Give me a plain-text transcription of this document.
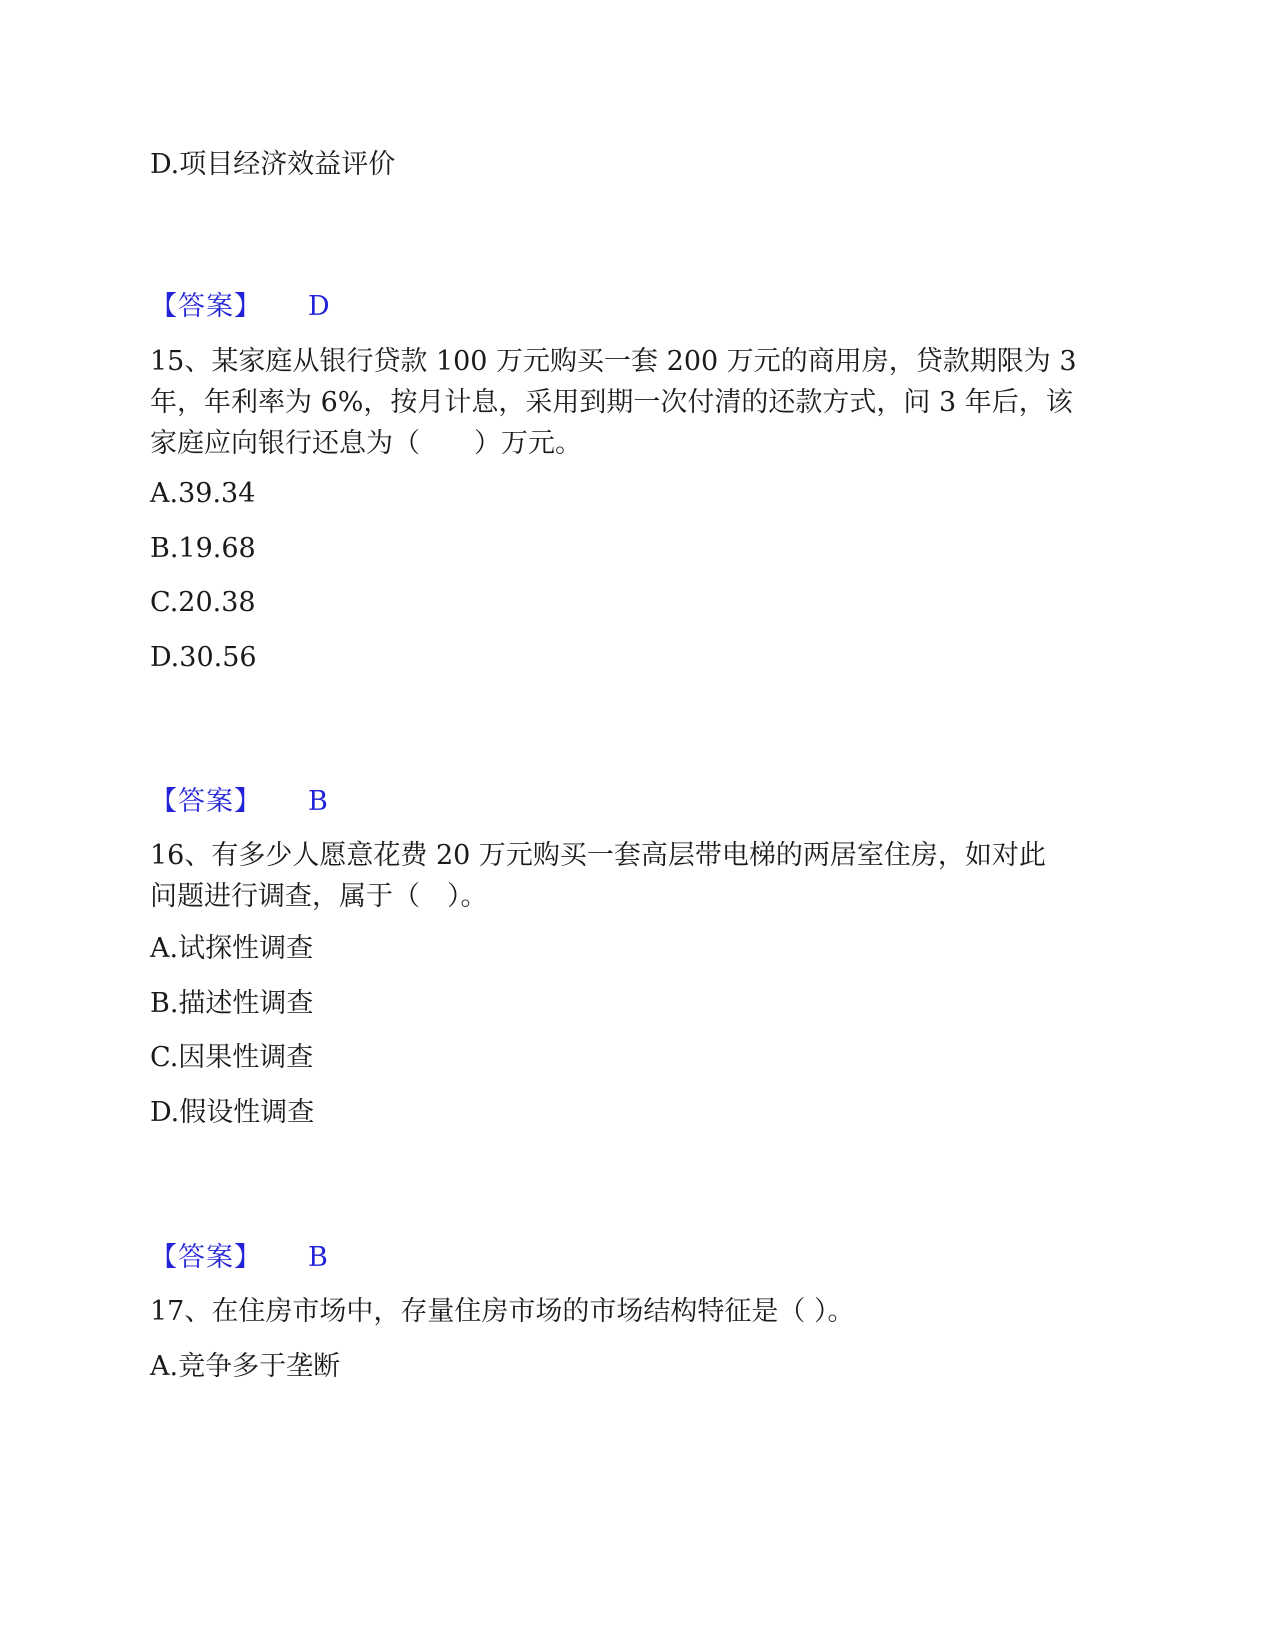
D.项目经济效益评价

【答案】 D

15、某家庭从银行贷款 100 万元购买一套 200 万元的商用房，贷款期限为 3
年，年利率为 6%，按月计息，采用到期一次付清的还款方式，问 3 年后，该
家庭应向银行还息为（　　）万元。

A.39.34

B.19.68

C.20.38

D.30.56

【答案】 B

16、有多少人愿意花费 20 万元购买一套高层带电梯的两居室住房，如对此
问题进行调查，属于（　）。

A.试探性调查

B.描述性调查

C.因果性调查

D.假设性调查

【答案】 B

17、在住房市场中，存量住房市场的市场结构特征是（ ）。

A.竞争多于垄断
